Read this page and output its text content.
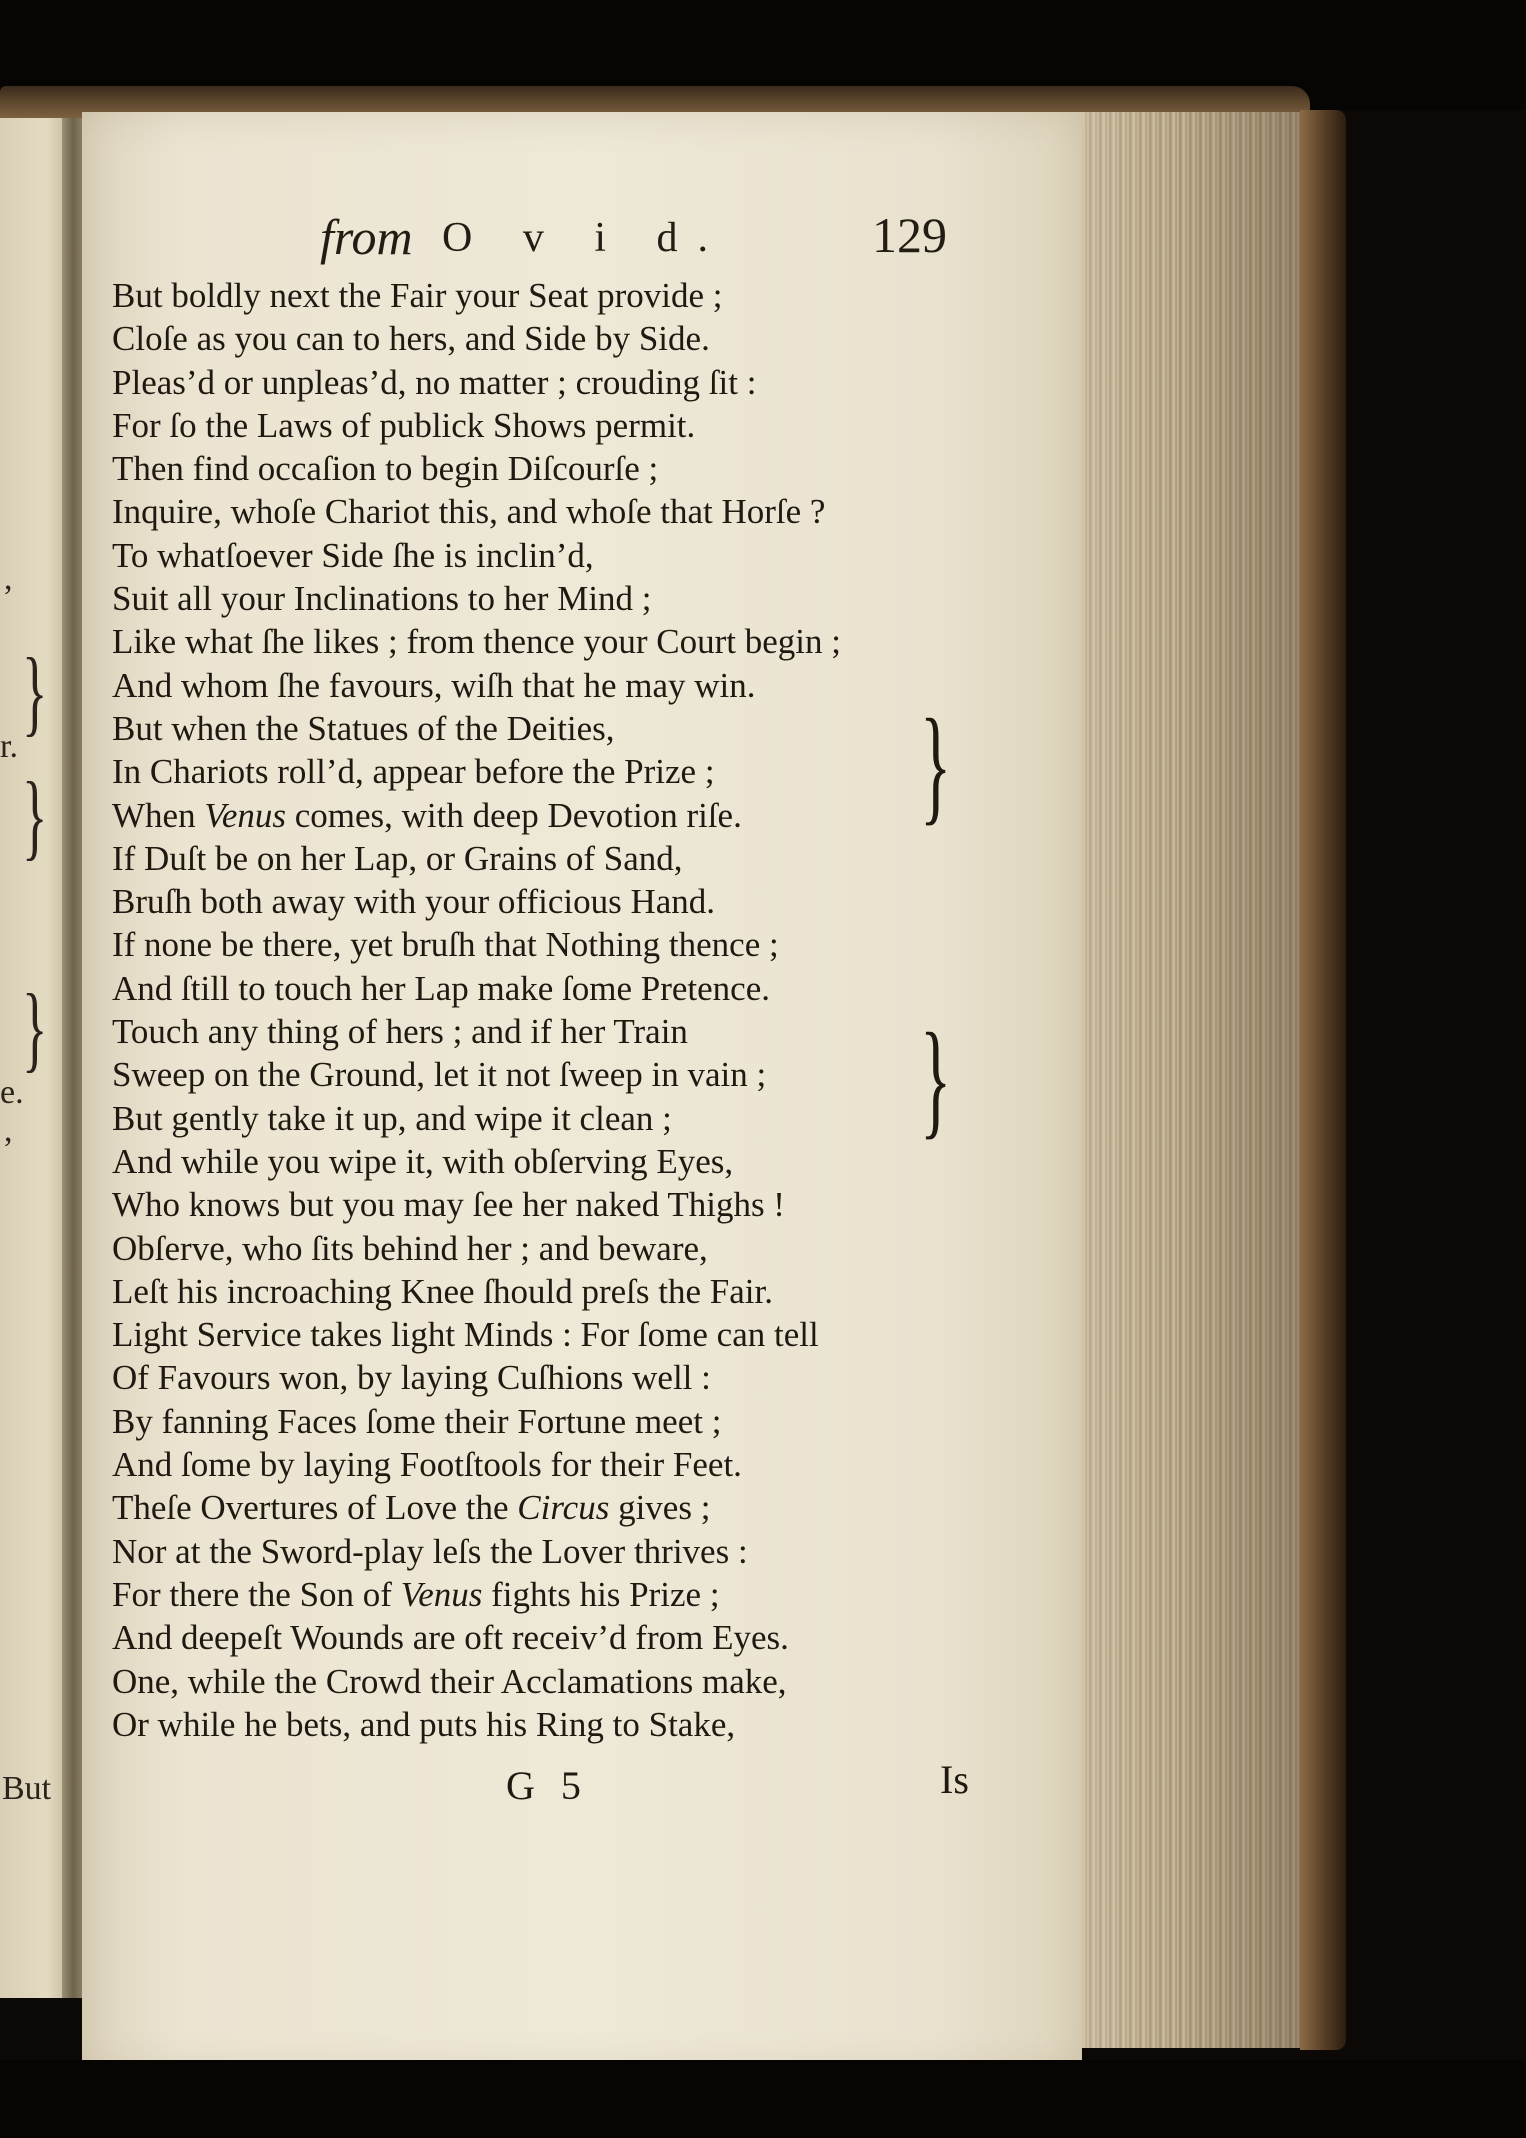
,
r.
e.
,
}
}
}
But
from O v i d.	129
But boldly next the Fair your Seat provide ;
Cloſe as you can to hers, and Side by Side.
Pleas’d or unpleas’d, no matter ; crouding ſit :
For ſo the Laws of publick Shows permit.
Then find occaſion to begin Diſcourſe ;
Inquire, whoſe Chariot this, and whoſe that Horſe ?
To whatſoever Side ſhe is inclin’d,
Suit all your Inclinations to her Mind ;
Like what ſhe likes ; from thence your Court begin ;
And whom ſhe favours, wiſh that he may win.
But when the Statues of the Deities,
In Chariots roll’d, appear before the Prize ;
When Venus comes, with deep Devotion riſe.
If Duſt be on her Lap, or Grains of Sand,
Bruſh both away with your officious Hand.
If none be there, yet bruſh that Nothing thence ;
And ſtill to touch her Lap make ſome Pretence.
Touch any thing of hers ; and if her Train
Sweep on the Ground, let it not ſweep in vain ;
But gently take it up, and wipe it clean ;
And while you wipe it, with obſerving Eyes,
Who knows but you may ſee her naked Thighs !
Obſerve, who ſits behind her ; and beware,
Leſt his incroaching Knee ſhould preſs the Fair.
Light Service takes light Minds : For ſome can tell
Of Favours won, by laying Cuſhions well :
By fanning Faces ſome their Fortune meet ;
And ſome by laying Footſtools for their Feet.
Theſe Overtures of Love the Circus gives ;
Nor at the Sword-play leſs the Lover thrives :
For there the Son of Venus fights his Prize ;
And deepeſt Wounds are oft receiv’d from Eyes.
One, while the Crowd their Acclamations make,
Or while he bets, and puts his Ring to Stake,
}
}
G 5	Is
